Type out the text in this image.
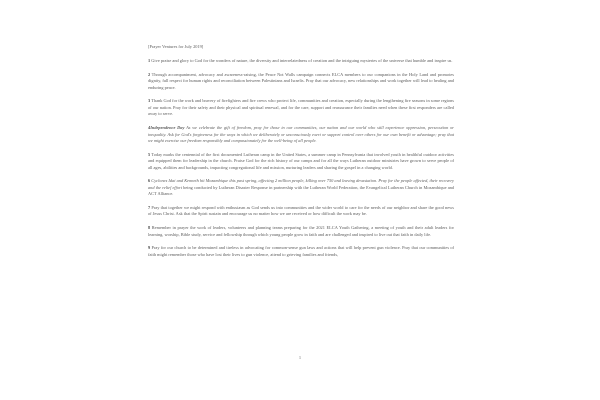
[Prayer Ventures for July 2019]

1 Give praise and glory to God for the wonders of nature, the diversity and interrelatedness of creation and the intriguing mysteries of the universe that humble and inspire us.

2 Through accompaniment, advocacy and awareness-raising, the Peace Not Walls campaign connects ELCA members to our companions in the Holy Land and promotes dignity, full respect for human rights and reconciliation between Palestinians and Israelis. Pray that our advocacy, new relationships and work together will lead to healing and enduring peace.

3 Thank God for the work and bravery of firefighters and fire crews who protect life, communities and creation, especially during the lengthening fire seasons in some regions of our nation. Pray for their safety and their physical and spiritual renewal, and for the care, support and reassurance their families need when these first responders are called away to serve.

4Independence Day As we celebrate the gift of freedom, pray for those in our communities, our nation and our world who still experience oppression, persecution or inequality. Ask for God's forgiveness for the ways in which we deliberately or unconsciously exert or support control over others for our own benefit or advantage; pray that we might exercise our freedom responsibly and compassionately for the well-being of all people.

5 Today marks the centennial of the first documented Lutheran camp in the United States, a summer camp in Pennsylvania that involved youth in healthful outdoor activities and equipped them for leadership in the church. Praise God for the rich history of our camps and for all the ways Lutheran outdoor ministries have grown to serve people of all ages, abilities and backgrounds, impacting congregational life and mission, nurturing leaders and sharing the gospel in a changing world.

6 Cyclones Idai and Kenneth hit Mozambique this past spring, affecting 2 million people, killing over 750 and leaving devastation. Pray for the people affected, their recovery and the relief effort being conducted by Lutheran Disaster Response in partnership with the Lutheran World Federation, the Evangelical Lutheran Church in Mozambique and ACT Alliance.

7 Pray that together we might respond with enthusiasm as God sends us into communities and the wider world to care for the needs of our neighbor and share the good news of Jesus Christ. Ask that the Spirit sustain and encourage us no matter how we are received or how difficult the work may be.

8 Remember in prayer the work of leaders, volunteers and planning teams preparing for the 2021 ELCA Youth Gathering, a meeting of youth and their adult leaders for learning, worship, Bible study, service and fellowship through which young people grow in faith and are challenged and inspired to live out that faith in daily life.

9 Pray for our church to be determined and tireless in advocating for common-sense gun laws and actions that will help prevent gun violence. Pray that our communities of faith might remember those who have lost their lives to gun violence, attend to grieving families and friends,

1
